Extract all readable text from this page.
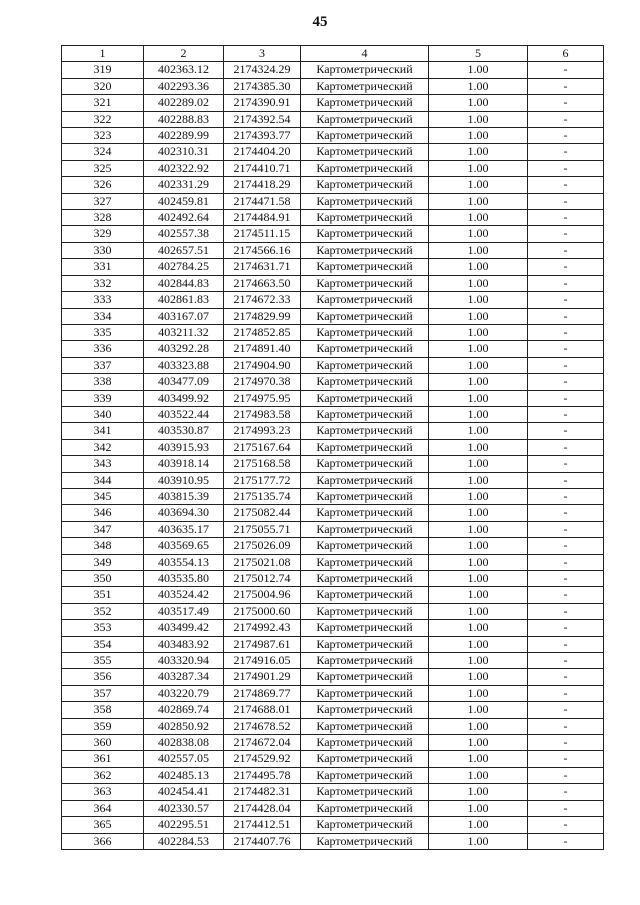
45
1	2	3	4	5	6
319	402363.12	2174324.29	Картометрический	1.00	-
320	402293.36	2174385.30	Картометрический	1.00	-
321	402289.02	2174390.91	Картометрический	1.00	-
322	402288.83	2174392.54	Картометрический	1.00	-
323	402289.99	2174393.77	Картометрический	1.00	-
324	402310.31	2174404.20	Картометрический	1.00	-
325	402322.92	2174410.71	Картометрический	1.00	-
326	402331.29	2174418.29	Картометрический	1.00	-
327	402459.81	2174471.58	Картометрический	1.00	-
328	402492.64	2174484.91	Картометрический	1.00	-
329	402557.38	2174511.15	Картометрический	1.00	-
330	402657.51	2174566.16	Картометрический	1.00	-
331	402784.25	2174631.71	Картометрический	1.00	-
332	402844.83	2174663.50	Картометрический	1.00	-
333	402861.83	2174672.33	Картометрический	1.00	-
334	403167.07	2174829.99	Картометрический	1.00	-
335	403211.32	2174852.85	Картометрический	1.00	-
336	403292.28	2174891.40	Картометрический	1.00	-
337	403323.88	2174904.90	Картометрический	1.00	-
338	403477.09	2174970.38	Картометрический	1.00	-
339	403499.92	2174975.95	Картометрический	1.00	-
340	403522.44	2174983.58	Картометрический	1.00	-
341	403530.87	2174993.23	Картометрический	1.00	-
342	403915.93	2175167.64	Картометрический	1.00	-
343	403918.14	2175168.58	Картометрический	1.00	-
344	403910.95	2175177.72	Картометрический	1.00	-
345	403815.39	2175135.74	Картометрический	1.00	-
346	403694.30	2175082.44	Картометрический	1.00	-
347	403635.17	2175055.71	Картометрический	1.00	-
348	403569.65	2175026.09	Картометрический	1.00	-
349	403554.13	2175021.08	Картометрический	1.00	-
350	403535.80	2175012.74	Картометрический	1.00	-
351	403524.42	2175004.96	Картометрический	1.00	-
352	403517.49	2175000.60	Картометрический	1.00	-
353	403499.42	2174992.43	Картометрический	1.00	-
354	403483.92	2174987.61	Картометрический	1.00	-
355	403320.94	2174916.05	Картометрический	1.00	-
356	403287.34	2174901.29	Картометрический	1.00	-
357	403220.79	2174869.77	Картометрический	1.00	-
358	402869.74	2174688.01	Картометрический	1.00	-
359	402850.92	2174678.52	Картометрический	1.00	-
360	402838.08	2174672.04	Картометрический	1.00	-
361	402557.05	2174529.92	Картометрический	1.00	-
362	402485.13	2174495.78	Картометрический	1.00	-
363	402454.41	2174482.31	Картометрический	1.00	-
364	402330.57	2174428.04	Картометрический	1.00	-
365	402295.51	2174412.51	Картометрический	1.00	-
366	402284.53	2174407.76	Картометрический	1.00	-
